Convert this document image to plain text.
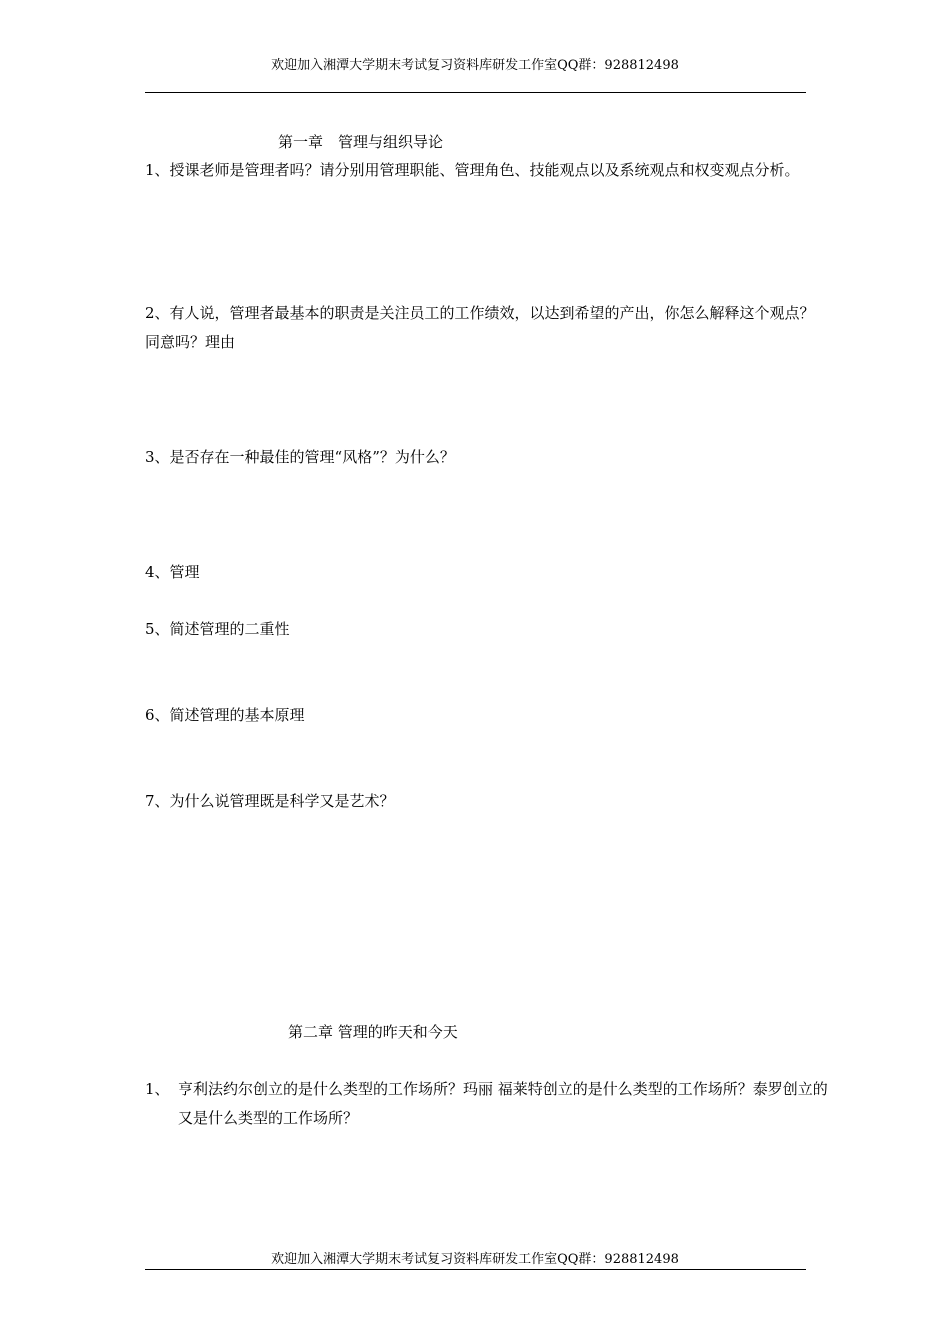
欢迎加入湘潭大学期末考试复习资料库研发工作室QQ群：928812498
第一章　管理与组织导论
1、授课老师是管理者吗？请分别用管理职能、管理角色、技能观点以及系统观点和权变观点分析。
2、有人说，管理者最基本的职责是关注员工的工作绩效，以达到希望的产出，你怎么解释这个观点？同意吗？理由
3、是否存在一种最佳的管理“风格”？为什么？
4、管理
5、简述管理的二重性
6、简述管理的基本原理
7、为什么说管理既是科学又是艺术？
第二章 管理的昨天和今天
1、 亨利法约尔创立的是什么类型的工作场所？玛丽 福莱特创立的是什么类型的工作场所？泰罗创立的又是什么类型的工作场所？
欢迎加入湘潭大学期末考试复习资料库研发工作室QQ群：928812498
